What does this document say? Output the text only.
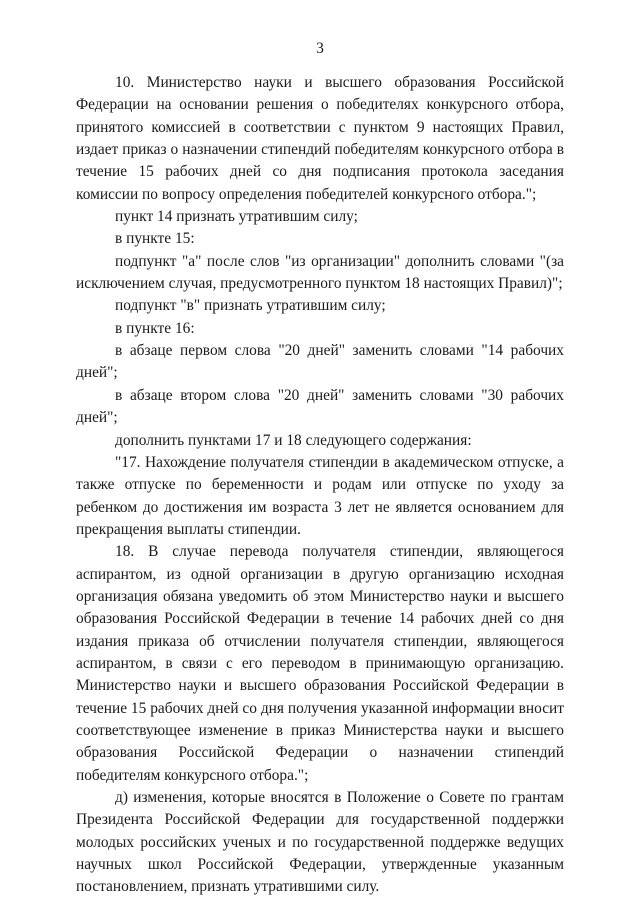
3

10. Министерство науки и высшего образования Российской Федерации на основании решения о победителях конкурсного отбора, принятого комиссией в соответствии с пунктом 9 настоящих Правил, издает приказ о назначении стипендий победителям конкурсного отбора в течение 15 рабочих дней со дня подписания протокола заседания комиссии по вопросу определения победителей конкурсного отбора.";

пункт 14 признать утратившим силу;

в пункте 15:

подпункт "а" после слов "из организации" дополнить словами "(за исключением случая, предусмотренного пунктом 18 настоящих Правил)";

подпункт "в" признать утратившим силу;

в пункте 16:

в абзаце первом слова "20 дней" заменить словами "14 рабочих дней";

в абзаце втором слова "20 дней" заменить словами "30 рабочих дней";

дополнить пунктами 17 и 18 следующего содержания:

"17. Нахождение получателя стипендии в академическом отпуске, а также отпуске по беременности и родам или отпуске по уходу за ребенком до достижения им возраста 3 лет не является основанием для прекращения выплаты стипендии.

18. В случае перевода получателя стипендии, являющегося аспирантом, из одной организации в другую организацию исходная организация обязана уведомить об этом Министерство науки и высшего образования Российской Федерации в течение 14 рабочих дней со дня издания приказа об отчислении получателя стипендии, являющегося аспирантом, в связи с его переводом в принимающую организацию. Министерство науки и высшего образования Российской Федерации в течение 15 рабочих дней со дня получения указанной информации вносит соответствующее изменение в приказ Министерства науки и высшего образования Российской Федерации о назначении стипендий победителям конкурсного отбора.";

д) изменения, которые вносятся в Положение о Совете по грантам Президента Российской Федерации для государственной поддержки молодых российских ученых и по государственной поддержке ведущих научных школ Российской Федерации, утвержденные указанным постановлением, признать утратившими силу.
